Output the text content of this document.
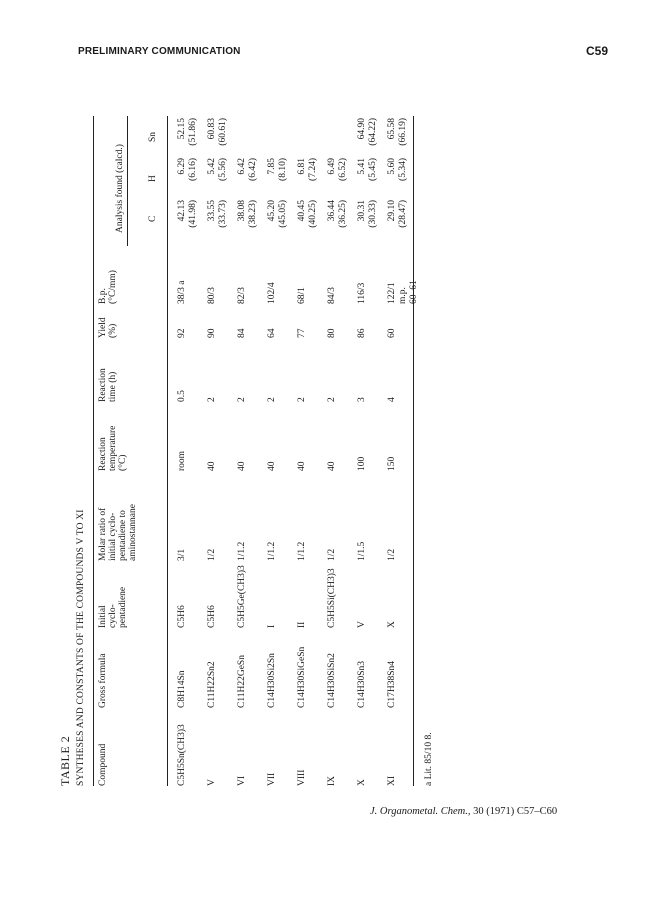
PRELIMINARY COMMUNICATION	C59
TABLE 2 SYNTHESES AND CONSTANTS OF THE COMPOUNDS V TO XI Compound
Gross formula
Initial
cyclo-
pentadiene
Molar ratio of
initial cyclo-
pentadiene to
aminostannane
Reaction
temperature
(°C)
Reaction
time (h)
Yield
(%)
B.p.
(°C/mm)
Analysis found (calcd.) C
H
Sn
C5H5Sn(CH3)3
C8H14Sn
C5H6
3/1
room
0.5
92
38/3 a
42.13
(41.98)
6.29
(6.16)
52.15
(51.86)
V
C11H22Sn2
C5H6
1/2
40
2
90
80/3
33.55
(33.73)
5.42
(5.56)
60.83
(60.61)
VI
C11H22GeSn
C5H5Ge(CH3)3
1/1.2
40
2
84
82/3
38.08
(38.23)
6.42
(6.42)
VII
C14H30Si2Sn
I
1/1.2
40
2
64
102/4
45.20
(45.05)
7.85
(8.10)
VIII
C14H30SiGeSn
II
1/1.2
40
2
77
68/1
40.45
(40.25)
6.81
(7.24)
IX
C14H30SiSn2
C5H5Si(CH3)3
1/2
40
2
80
84/3
36.44
(36.25)
6.49
(6.52)
X
C14H30Sn3
V
1/1.5
100
3
86
116/3
30.31
(30.33)
5.41
(5.45)
64.90
(64.22)
XI
C17H38Sn4
X
1/2
150
4
60
122/1
m.p.
60–61
29.10
(28.47)
5.60
(5.34)
65.58
(66.19)
a Lit. 85/10 8.
J. Organometal. Chem., 30 (1971) C57–C60
